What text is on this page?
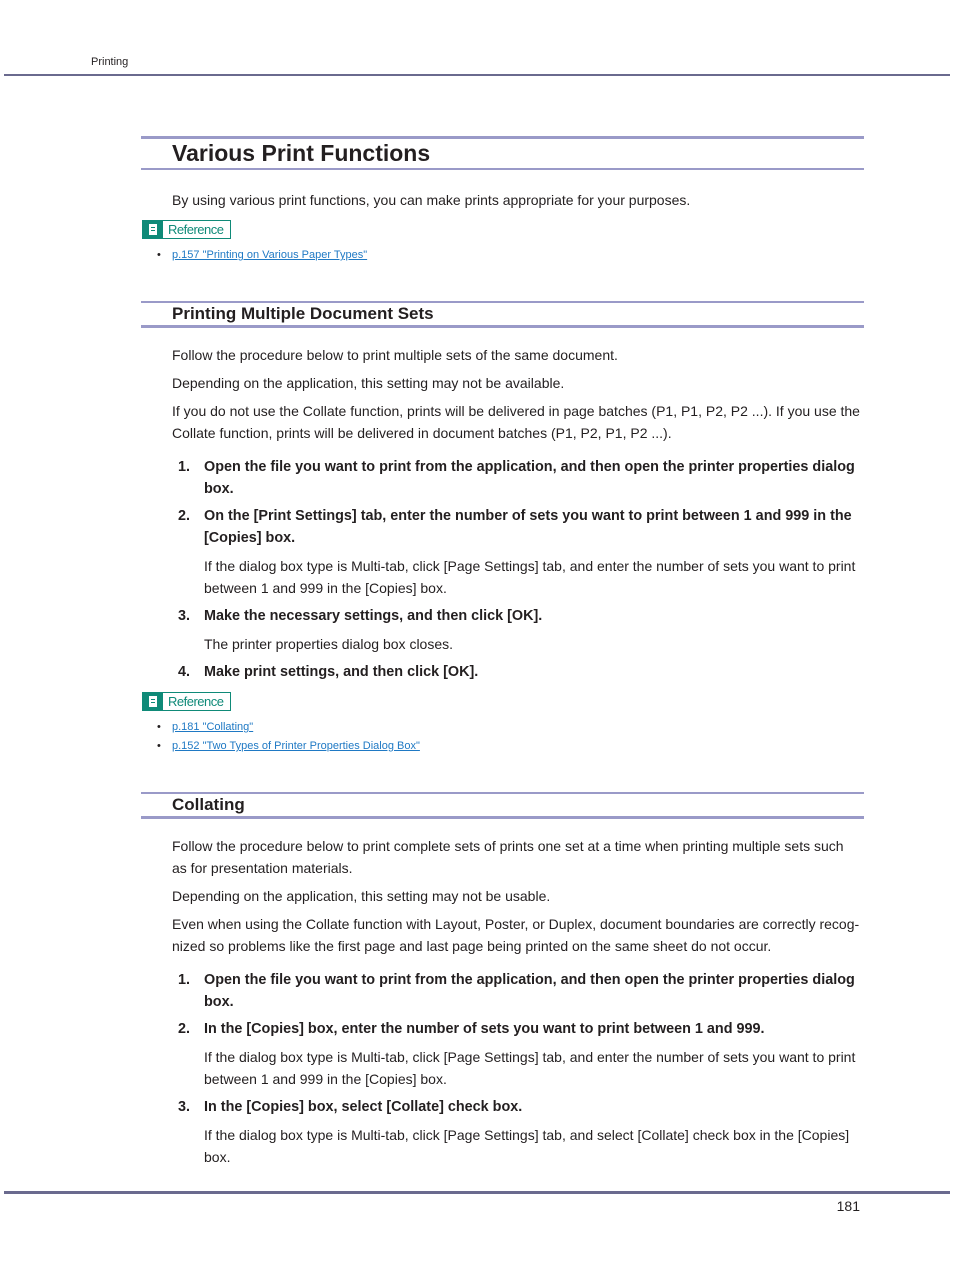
Printing
Various Print Functions
By using various print functions, you can make prints appropriate for your purposes.
Reference
• p.157 "Printing on Various Paper Types"
Printing Multiple Document Sets
Follow the procedure below to print multiple sets of the same document.
Depending on the application, this setting may not be available.
If you do not use the Collate function, prints will be delivered in page batches (P1, P1, P2, P2 ...). If you use the Collate function, prints will be delivered in document batches (P1, P2, P1, P2 ...).
1. Open the file you want to print from the application, and then open the printer properties dialog box.
2. On the [Print Settings] tab, enter the number of sets you want to print between 1 and 999 in the [Copies] box.
If the dialog box type is Multi-tab, click [Page Settings] tab, and enter the number of sets you want to print between 1 and 999 in the [Copies] box.
3. Make the necessary settings, and then click [OK].
The printer properties dialog box closes.
4. Make print settings, and then click [OK].
Reference
• p.181 "Collating"
• p.152 "Two Types of Printer Properties Dialog Box"
Collating
Follow the procedure below to print complete sets of prints one set at a time when printing multiple sets such as for presentation materials.
Depending on the application, this setting may not be usable.
Even when using the Collate function with Layout, Poster, or Duplex, document boundaries are correctly recog-nized so problems like the first page and last page being printed on the same sheet do not occur.
1. Open the file you want to print from the application, and then open the printer properties dialog box.
2. In the [Copies] box, enter the number of sets you want to print between 1 and 999.
If the dialog box type is Multi-tab, click [Page Settings] tab, and enter the number of sets you want to print between 1 and 999 in the [Copies] box.
3. In the [Copies] box, select [Collate] check box.
If the dialog box type is Multi-tab, click [Page Settings] tab, and select [Collate] check box in the [Copies] box.
181
